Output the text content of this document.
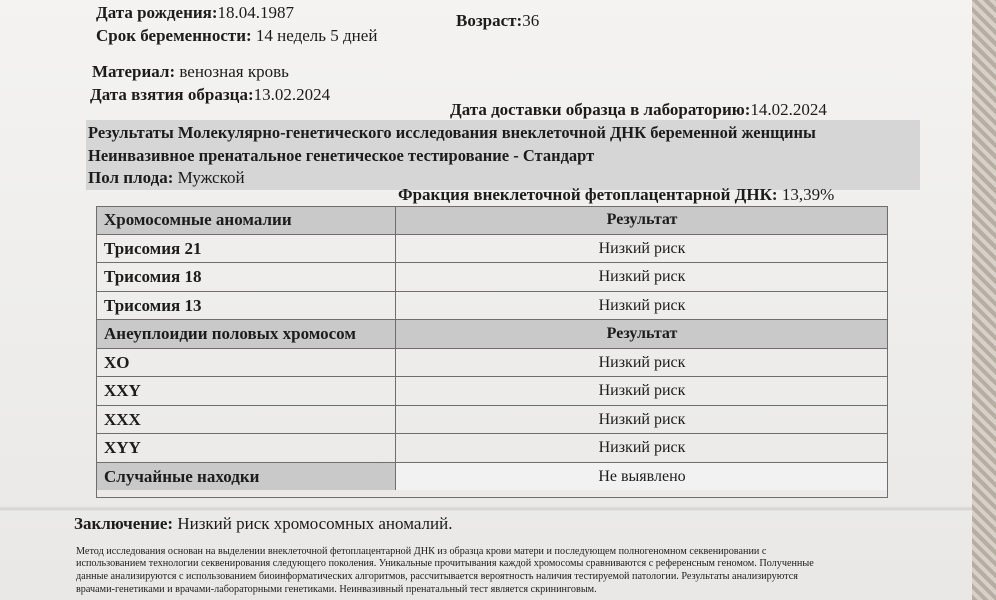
Дата рождения:18.04.1987	Возраст:36
Срок беременности: 14 недель 5 дней
Материал: венозная кровь
Дата взятия образца:13.02.2024
Дата доставки образца в лабораторию:14.02.2024
Результаты Молекулярно-генетического исследования внеклеточной ДНК беременной женщины
Неинвазивное пренатальное генетическое тестирование - Стандарт
Пол плода: Мужской
Фракция внеклеточной фетоплацентарной ДНК: 13,39%
Хромосомные аномалии	Результат
Трисомия 21	Низкий риск
Трисомия 18	Низкий риск
Трисомия 13	Низкий риск
Анеуплоидии половых хромосом	Результат
XO	Низкий риск
XXY	Низкий риск
XXX	Низкий риск
XYY	Низкий риск
Случайные находки	Не выявлено
Заключение: Низкий риск хромосомных аномалий.
Метод исследования основан на выделении внеклеточной фетоплацентарной ДНК из образца крови матери и последующем полногеномном секвенировании с
использованием технологии секвенирования следующего поколения. Уникальные прочитывания каждой хромосомы сравниваются с референсным геномом. Полученные
данные анализируются с использованием биоинформатических алгоритмов, рассчитывается вероятность наличия тестируемой патологии. Результаты анализируются
врачами-генетиками и врачами-лабораторными генетиками. Неинвазивный пренатальный тест является скрининговым.
